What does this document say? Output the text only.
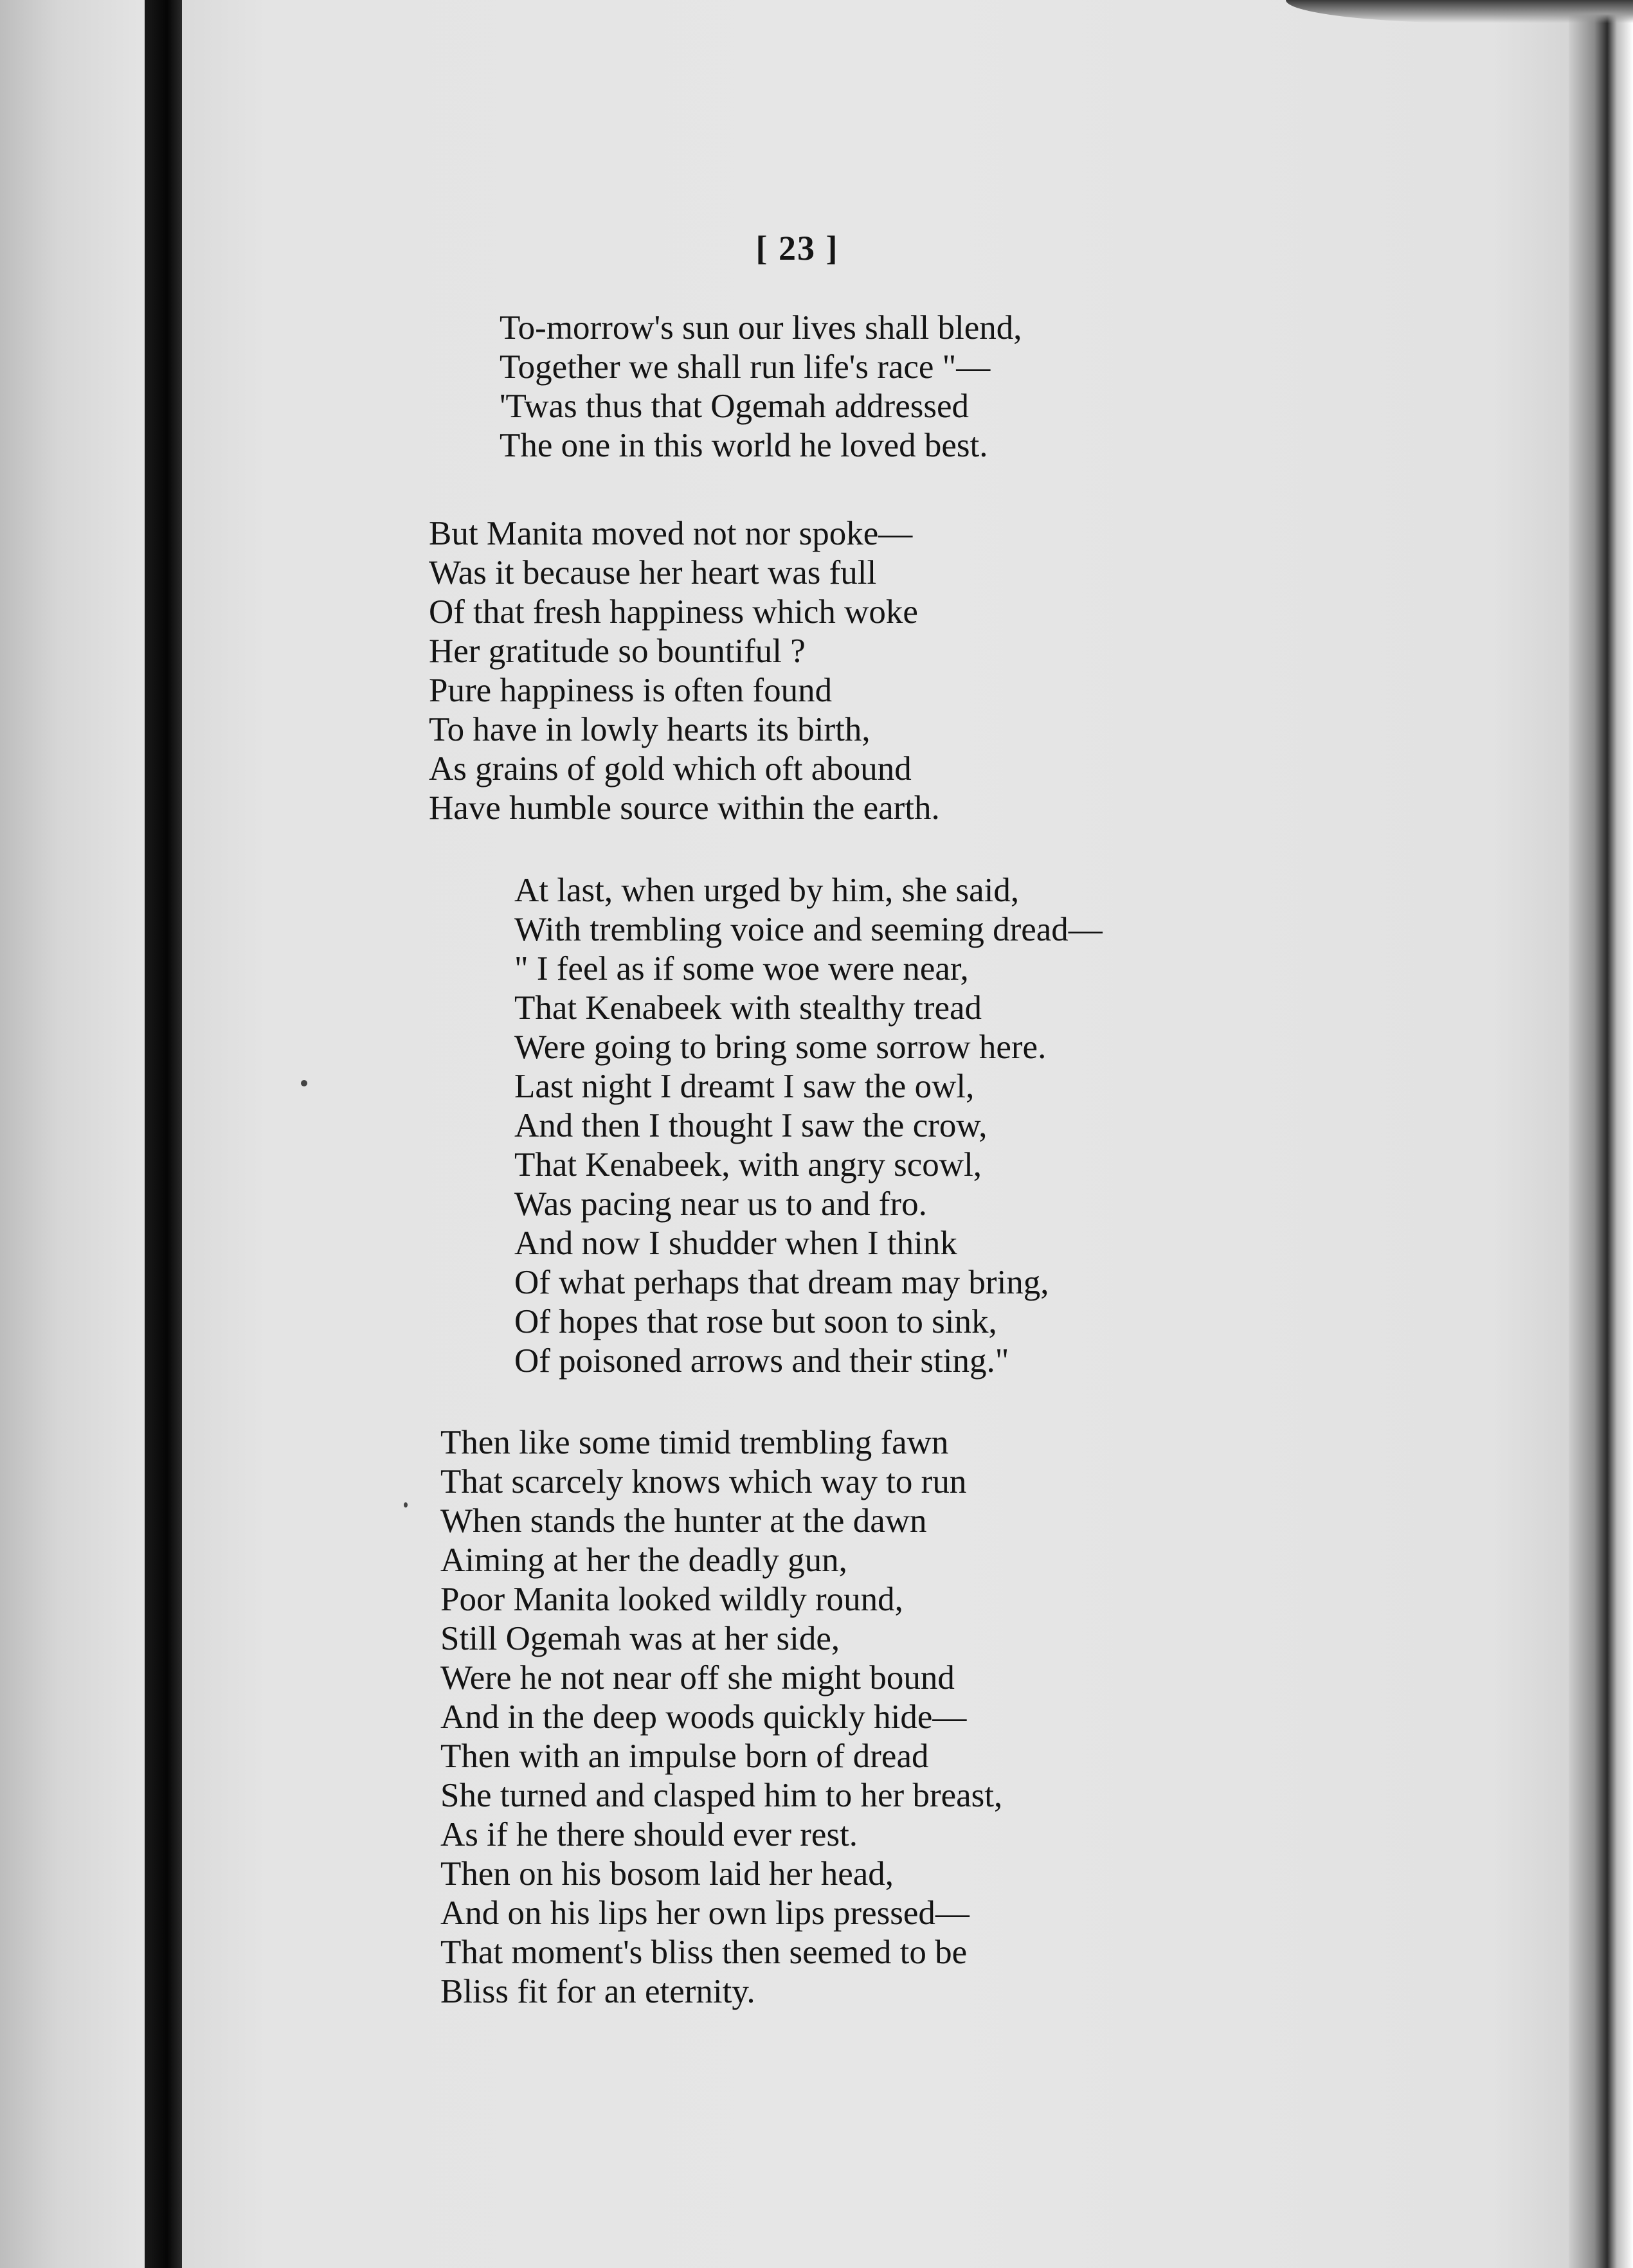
[ 23 ]
To-morrow's sun our lives shall blend,
Together we shall run life's race "—
'Twas thus that Ogemah addressed
The one in this world he loved best.
But Manita moved not nor spoke—
Was it because her heart was full
Of that fresh happiness which woke
Her gratitude so bountiful ?
Pure happiness is often found
To have in lowly hearts its birth,
As grains of gold which oft abound
Have humble source within the earth.
At last, when urged by him, she said,
With trembling voice and seeming dread—
" I feel as if some woe were near,
That Kenabeek with stealthy tread
Were going to bring some sorrow here.
Last night I dreamt I saw the owl,
And then I thought I saw the crow,
That Kenabeek, with angry scowl,
Was pacing near us to and fro.
And now I shudder when I think
Of what perhaps that dream may bring,
Of hopes that rose but soon to sink,
Of poisoned arrows and their sting."
Then like some timid trembling fawn
That scarcely knows which way to run
When stands the hunter at the dawn
Aiming at her the deadly gun,
Poor Manita looked wildly round,
Still Ogemah was at her side,
Were he not near off she might bound
And in the deep woods quickly hide—
Then with an impulse born of dread
She turned and clasped him to her breast,
As if he there should ever rest.
Then on his bosom laid her head,
And on his lips her own lips pressed—
That moment's bliss then seemed to be
Bliss fit for an eternity.
